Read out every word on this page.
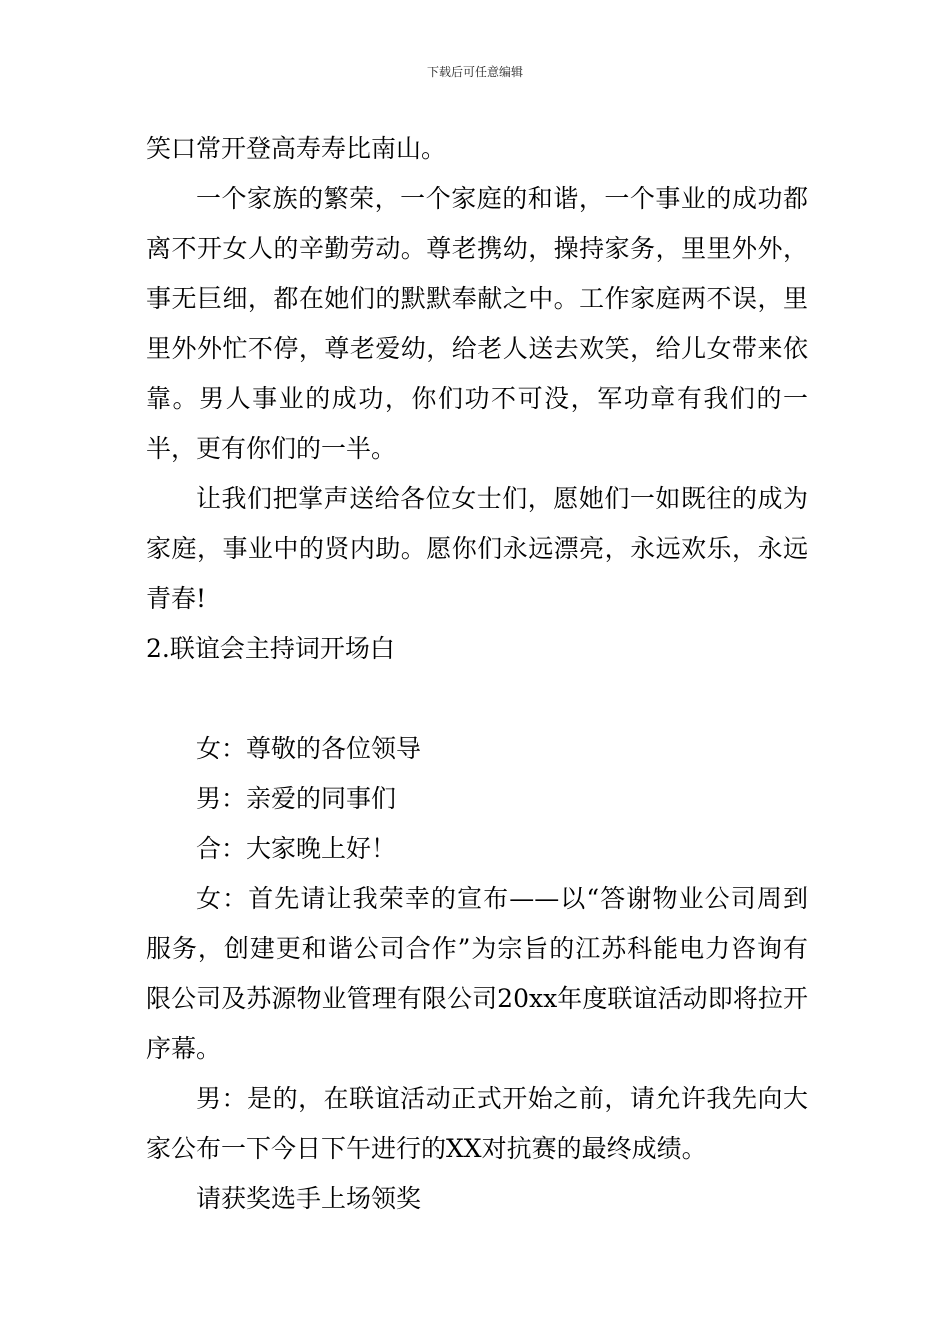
下载后可任意编辑

笑口常开登高寿寿比南山。

一个家族的繁荣，一个家庭的和谐，一个事业的成功都离不开女人的辛勤劳动。尊老携幼，操持家务，里里外外，事无巨细，都在她们的默默奉献之中。工作家庭两不误，里里外外忙不停，尊老爱幼，给老人送去欢笑，给儿女带来依靠。男人事业的成功，你们功不可没，军功章有我们的一半，更有你们的一半。

让我们把掌声送给各位女士们，愿她们一如既往的成为家庭，事业中的贤内助。愿你们永远漂亮，永远欢乐，永远青春!

2.联谊会主持词开场白

女：尊敬的各位领导

男：亲爱的同事们

合：大家晚上好！

女：首先请让我荣幸的宣布——以“答谢物业公司周到服务，创建更和谐公司合作”为宗旨的江苏科能电力咨询有限公司及苏源物业管理有限公司20xx年度联谊活动即将拉开序幕。

男：是的，在联谊活动正式开始之前，请允许我先向大家公布一下今日下午进行的XX对抗赛的最终成绩。

请获奖选手上场领奖
